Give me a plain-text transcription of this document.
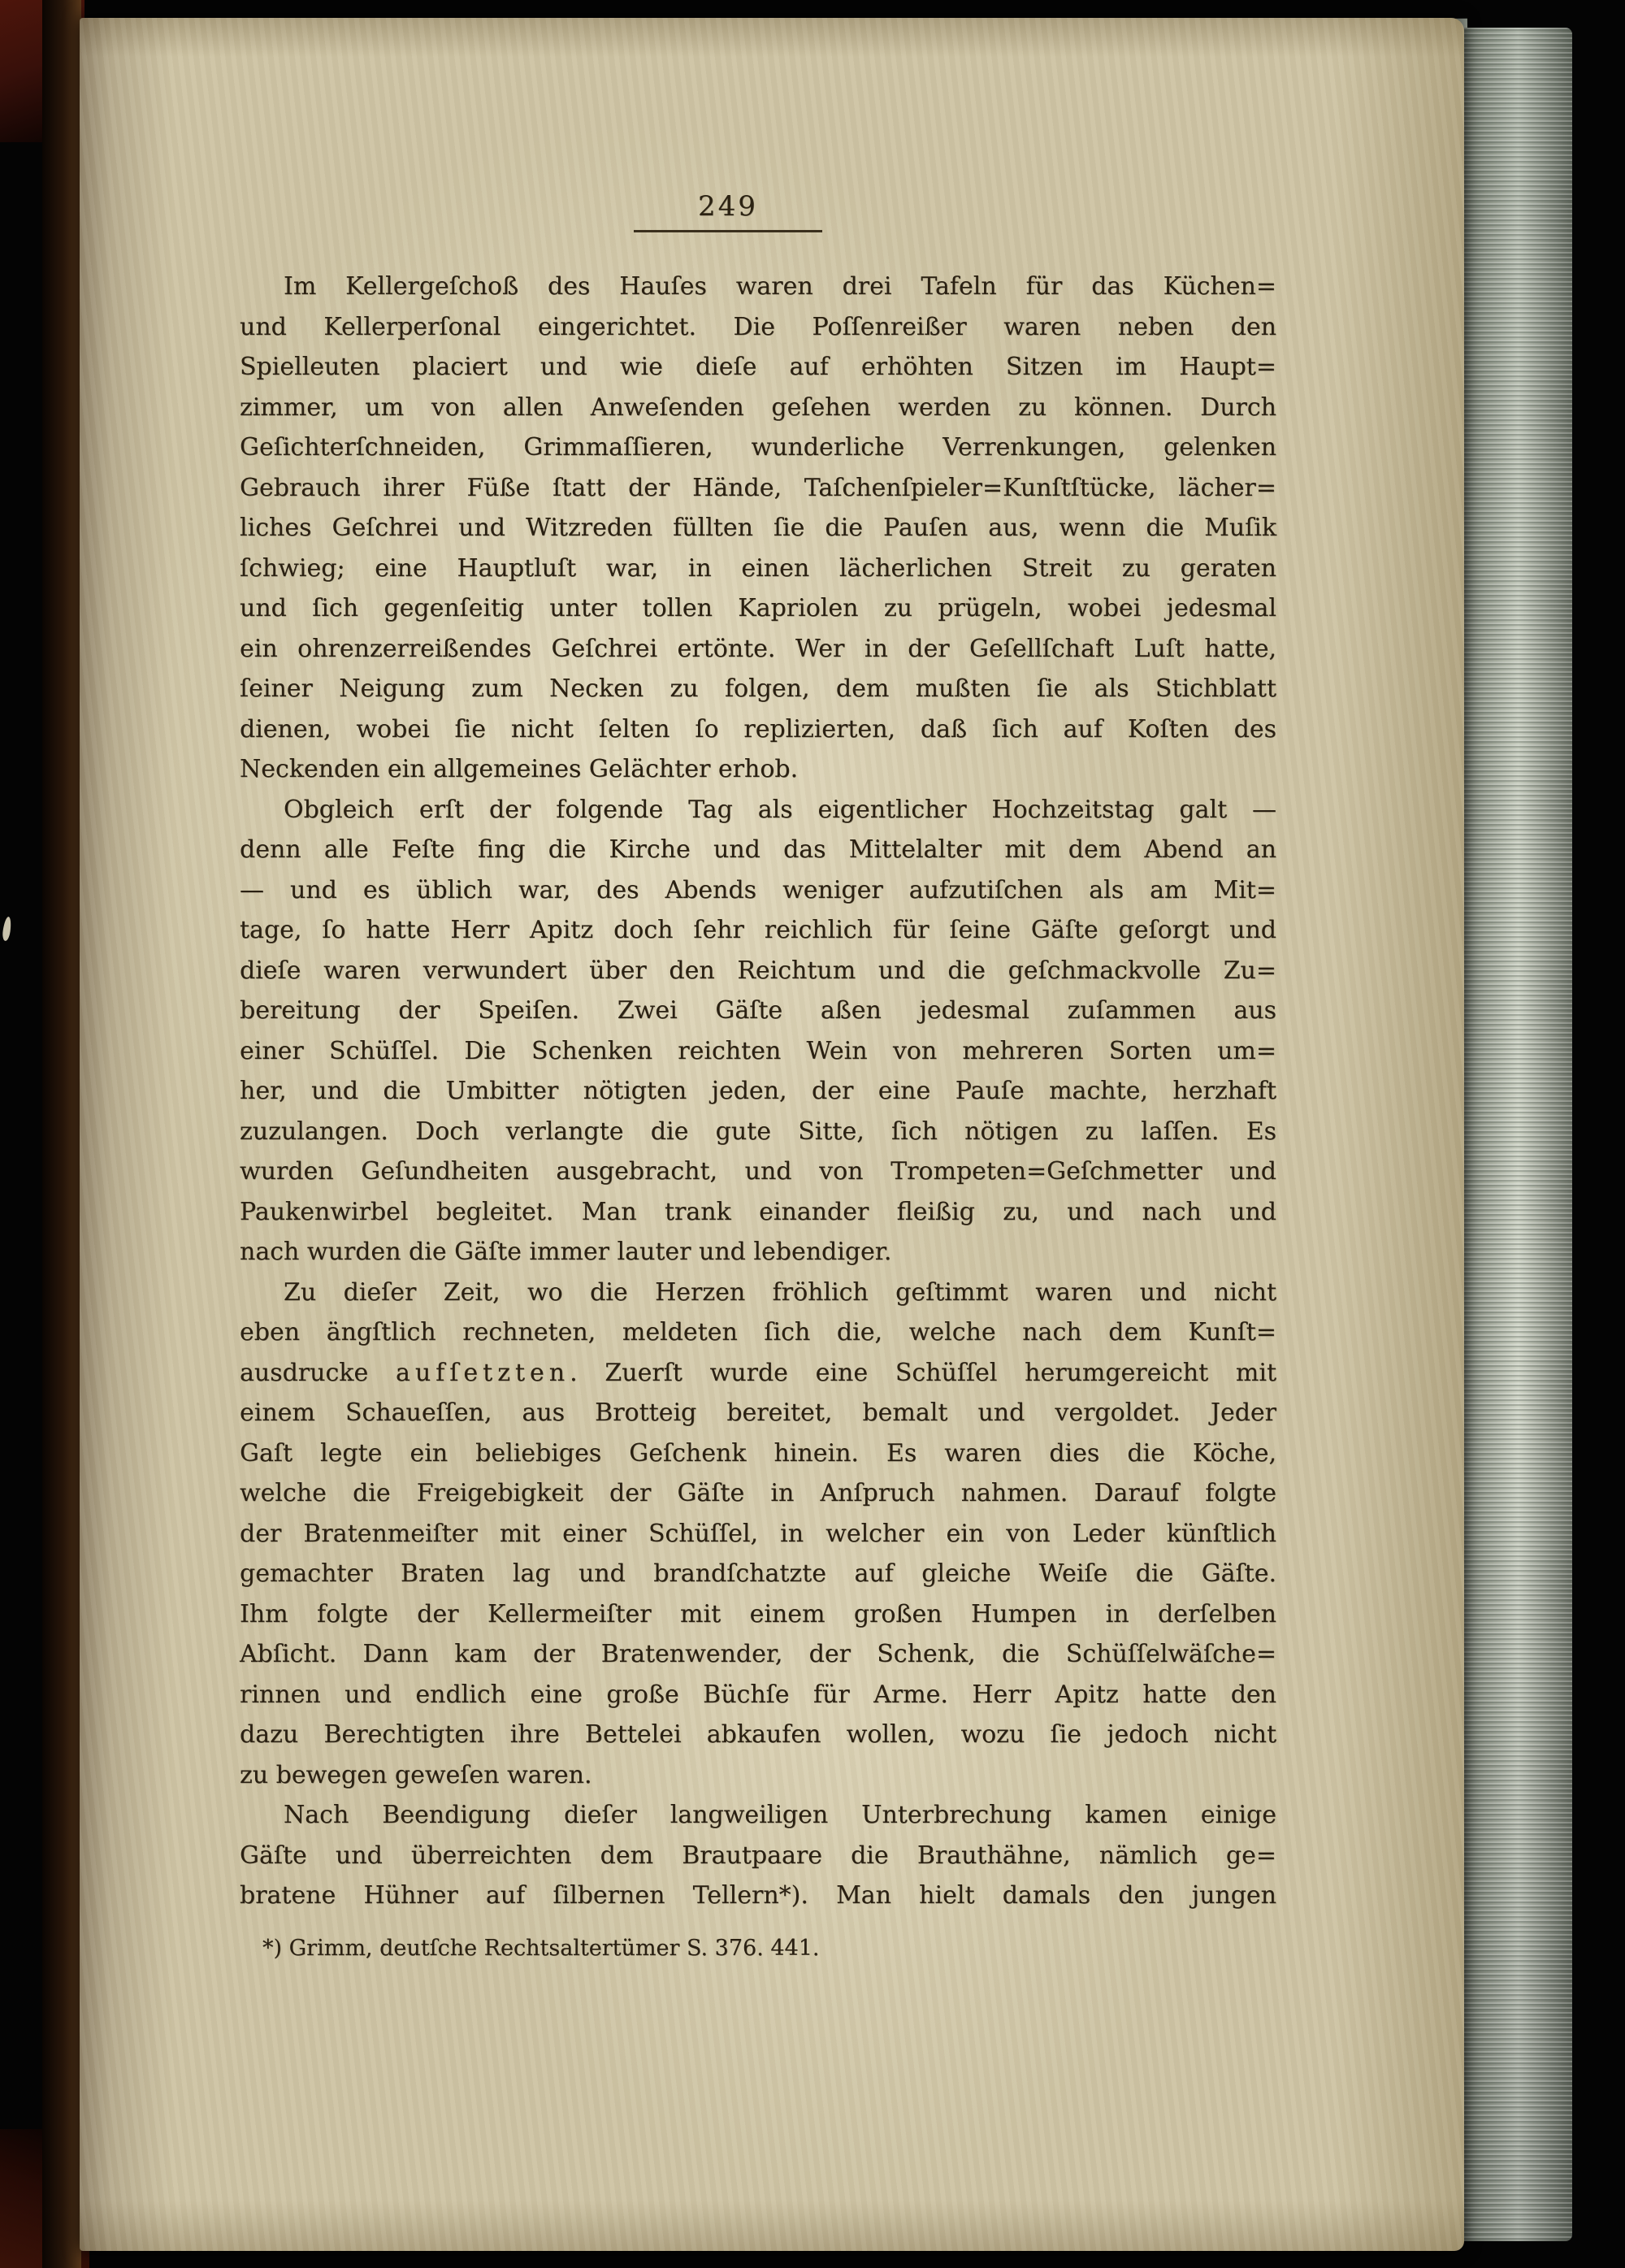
249
Im Kellergeſchoß des Hauſes waren drei Tafeln für das Küchen=
und Kellerperſonal eingerichtet. Die Poſſenreißer waren neben den
Spielleuten placiert und wie dieſe auf erhöhten Sitzen im Haupt=
zimmer, um von allen Anweſenden geſehen werden zu können. Durch
Geſichterſchneiden, Grimmaſſieren, wunderliche Verrenkungen, gelenken
Gebrauch ihrer Füße ſtatt der Hände, Taſchenſpieler=Kunſtſtücke, lächer=
liches Geſchrei und Witzreden füllten ſie die Pauſen aus, wenn die Muſik
ſchwieg; eine Hauptluſt war, in einen lächerlichen Streit zu geraten
und ſich gegenſeitig unter tollen Kapriolen zu prügeln, wobei jedesmal
ein ohrenzerreißendes Geſchrei ertönte. Wer in der Geſellſchaft Luſt hatte,
ſeiner Neigung zum Necken zu folgen, dem mußten ſie als Stichblatt
dienen, wobei ſie nicht ſelten ſo replizierten, daß ſich auf Koſten des
Neckenden ein allgemeines Gelächter erhob.
Obgleich erſt der folgende Tag als eigentlicher Hochzeitstag galt —
denn alle Feſte fing die Kirche und das Mittelalter mit dem Abend an
— und es üblich war, des Abends weniger aufzutiſchen als am Mit=
tage, ſo hatte Herr Apitz doch ſehr reichlich für ſeine Gäſte geſorgt und
dieſe waren verwundert über den Reichtum und die geſchmackvolle Zu=
bereitung der Speiſen. Zwei Gäſte aßen jedesmal zuſammen aus
einer Schüſſel. Die Schenken reichten Wein von mehreren Sorten um=
her, und die Umbitter nötigten jeden, der eine Pauſe machte, herzhaft
zuzulangen. Doch verlangte die gute Sitte, ſich nötigen zu laſſen. Es
wurden Geſundheiten ausgebracht, und von Trompeten=Geſchmetter und
Paukenwirbel begleitet. Man trank einander fleißig zu, und nach und
nach wurden die Gäſte immer lauter und lebendiger.
Zu dieſer Zeit, wo die Herzen fröhlich geſtimmt waren und nicht
eben ängſtlich rechneten, meldeten ſich die, welche nach dem Kunſt=
ausdrucke aufſetzten. Zuerſt wurde eine Schüſſel herumgereicht mit
einem Schaueſſen, aus Brotteig bereitet, bemalt und vergoldet. Jeder
Gaſt legte ein beliebiges Geſchenk hinein. Es waren dies die Köche,
welche die Freigebigkeit der Gäſte in Anſpruch nahmen. Darauf folgte
der Bratenmeiſter mit einer Schüſſel, in welcher ein von Leder künſtlich
gemachter Braten lag und brandſchatzte auf gleiche Weiſe die Gäſte.
Ihm folgte der Kellermeiſter mit einem großen Humpen in derſelben
Abſicht. Dann kam der Bratenwender, der Schenk, die Schüſſelwäſche=
rinnen und endlich eine große Büchſe für Arme. Herr Apitz hatte den
dazu Berechtigten ihre Bettelei abkaufen wollen, wozu ſie jedoch nicht
zu bewegen geweſen waren.
Nach Beendigung dieſer langweiligen Unterbrechung kamen einige
Gäſte und überreichten dem Brautpaare die Brauthähne, nämlich ge=
bratene Hühner auf ſilbernen Tellern*). Man hielt damals den jungen
*) Grimm, deutſche Rechtsaltertümer S. 376. 441.
